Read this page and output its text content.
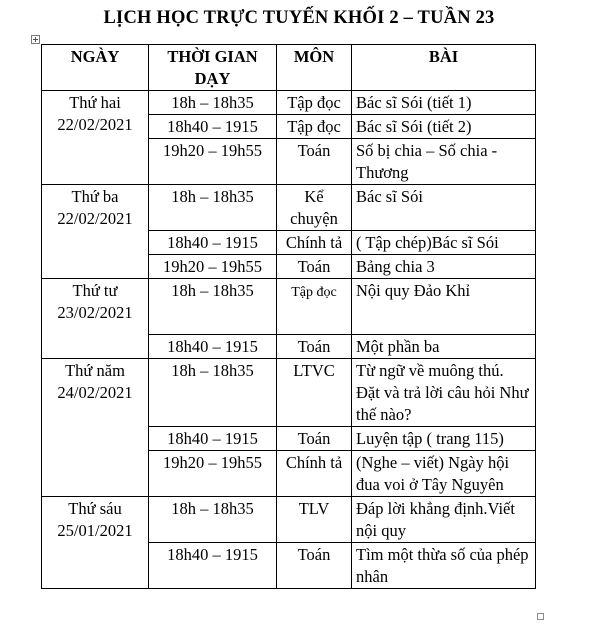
LỊCH HỌC TRỰC TUYẾN KHỐI 2 – TUẦN 23
NGÀY	THỜI GIAN DẠY	MÔN	BÀI

Thứ hai
22/02/2021	18h – 18h35	Tập đọc	Bác sĩ Sói (tiết 1)
	18h40 – 1915	Tập đọc	Bác sĩ Sói (tiết 2)
	19h20 – 19h55	Toán	Số bị chia – Số chia - Thương

Thứ ba
22/02/2021	18h – 18h35	Kể chuyện	Bác sĩ Sói
	18h40 – 1915	Chính tả	( Tập chép)Bác sĩ Sói
	19h20 – 19h55	Toán	Bảng chia 3

Thứ tư
23/02/2021	18h – 18h35	Tập đọc	Nội quy Đảo Khỉ
	18h40 – 1915	Toán	Một phần ba

Thứ năm
24/02/2021	18h – 18h35	LTVC	Từ ngữ về muông thú. Đặt và trả lời câu hỏi Như thế nào?
	18h40 – 1915	Toán	Luyện tập ( trang 115)
	19h20 – 19h55	Chính tả	(Nghe – viết) Ngày hội đua voi ở Tây Nguyên

Thứ sáu
25/01/2021	18h – 18h35	TLV	Đáp lời khẳng định.Viết nội quy
	18h40 – 1915	Toán	Tìm một thừa số của phép nhân
